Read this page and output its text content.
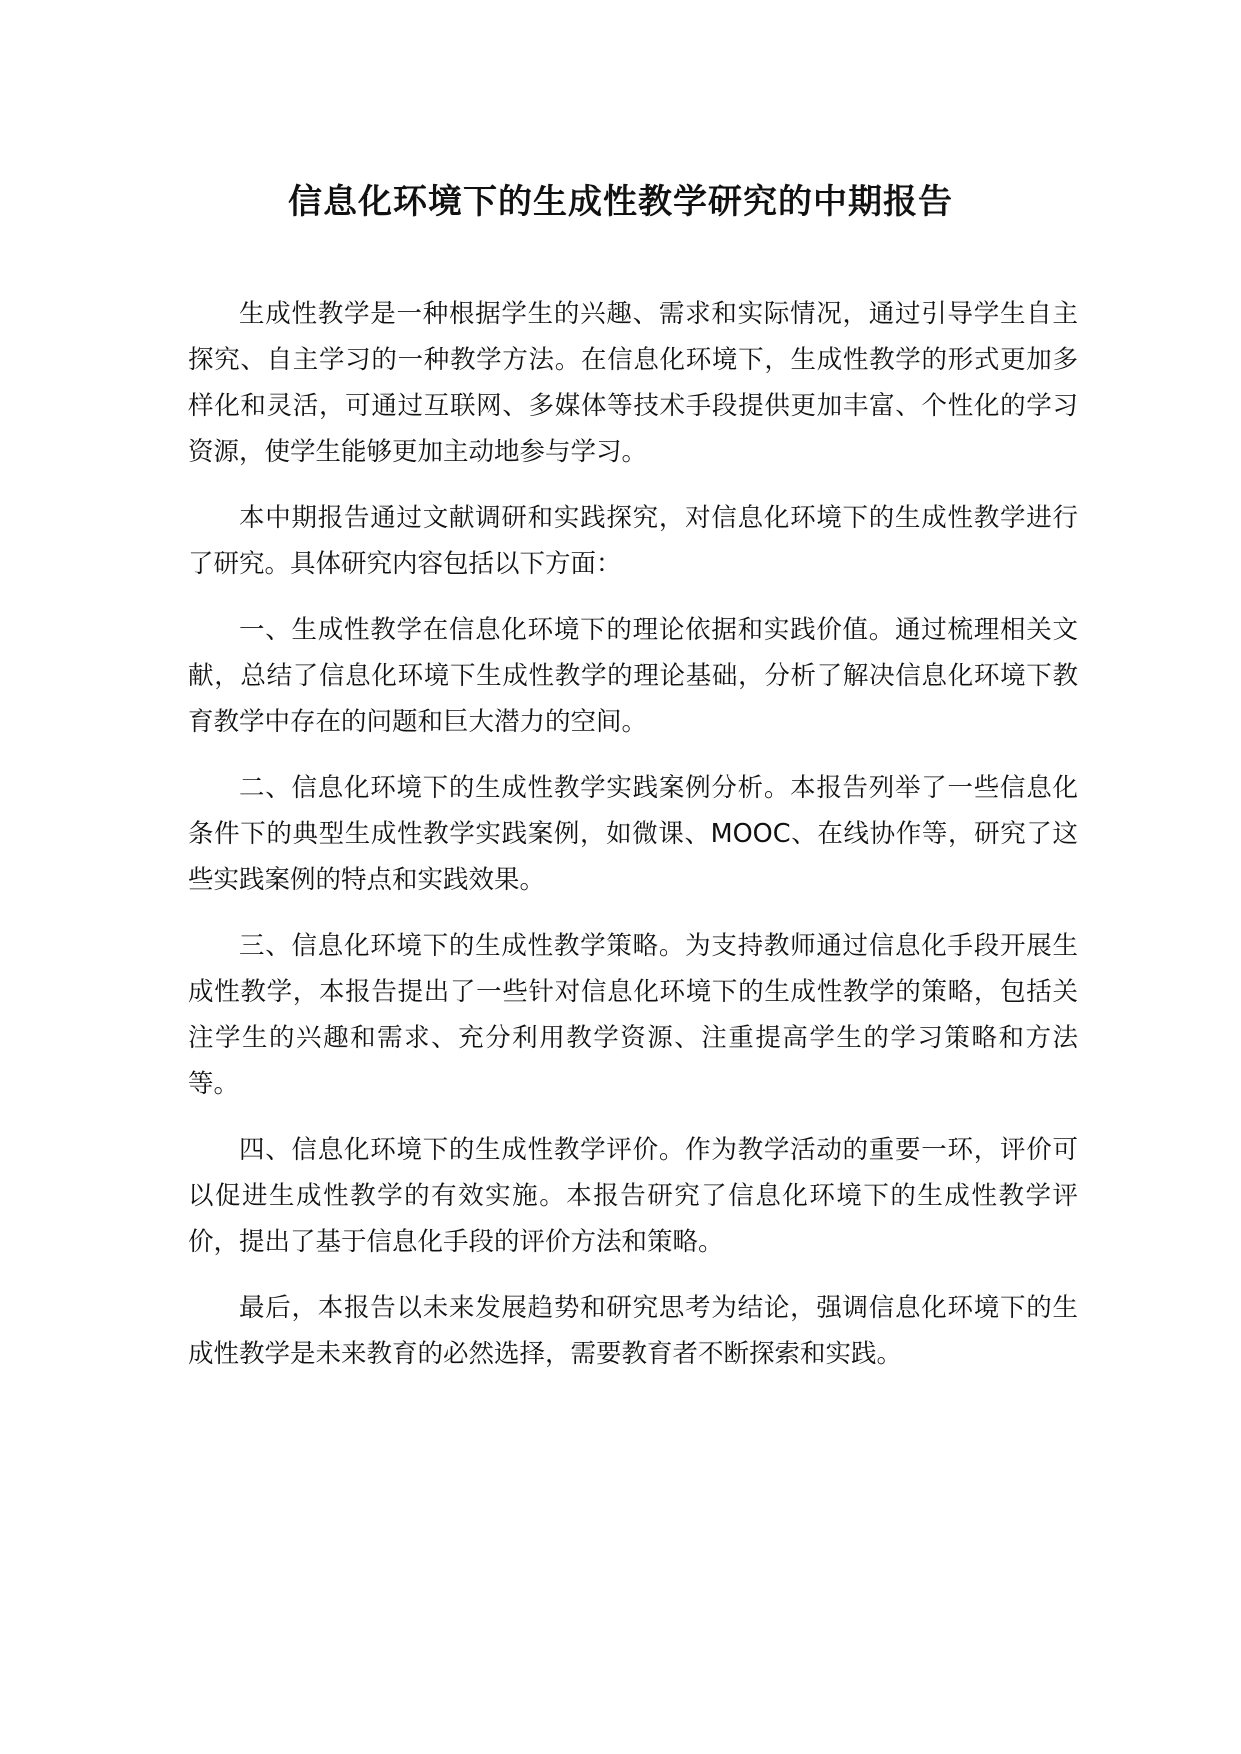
信息化环境下的生成性教学研究的中期报告

生成性教学是一种根据学生的兴趣、需求和实际情况，通过引导学生自主探究、自主学习的一种教学方法。在信息化环境下，生成性教学的形式更加多样化和灵活，可通过互联网、多媒体等技术手段提供更加丰富、个性化的学习资源，使学生能够更加主动地参与学习。

本中期报告通过文献调研和实践探究，对信息化环境下的生成性教学进行了研究。具体研究内容包括以下方面：

一、生成性教学在信息化环境下的理论依据和实践价值。通过梳理相关文献，总结了信息化环境下生成性教学的理论基础，分析了解决信息化环境下教育教学中存在的问题和巨大潜力的空间。

二、信息化环境下的生成性教学实践案例分析。本报告列举了一些信息化条件下的典型生成性教学实践案例，如微课、MOOC、在线协作等，研究了这些实践案例的特点和实践效果。

三、信息化环境下的生成性教学策略。为支持教师通过信息化手段开展生成性教学，本报告提出了一些针对信息化环境下的生成性教学的策略，包括关注学生的兴趣和需求、充分利用教学资源、注重提高学生的学习策略和方法等。

四、信息化环境下的生成性教学评价。作为教学活动的重要一环，评价可以促进生成性教学的有效实施。本报告研究了信息化环境下的生成性教学评价，提出了基于信息化手段的评价方法和策略。

最后，本报告以未来发展趋势和研究思考为结论，强调信息化环境下的生成性教学是未来教育的必然选择，需要教育者不断探索和实践。
